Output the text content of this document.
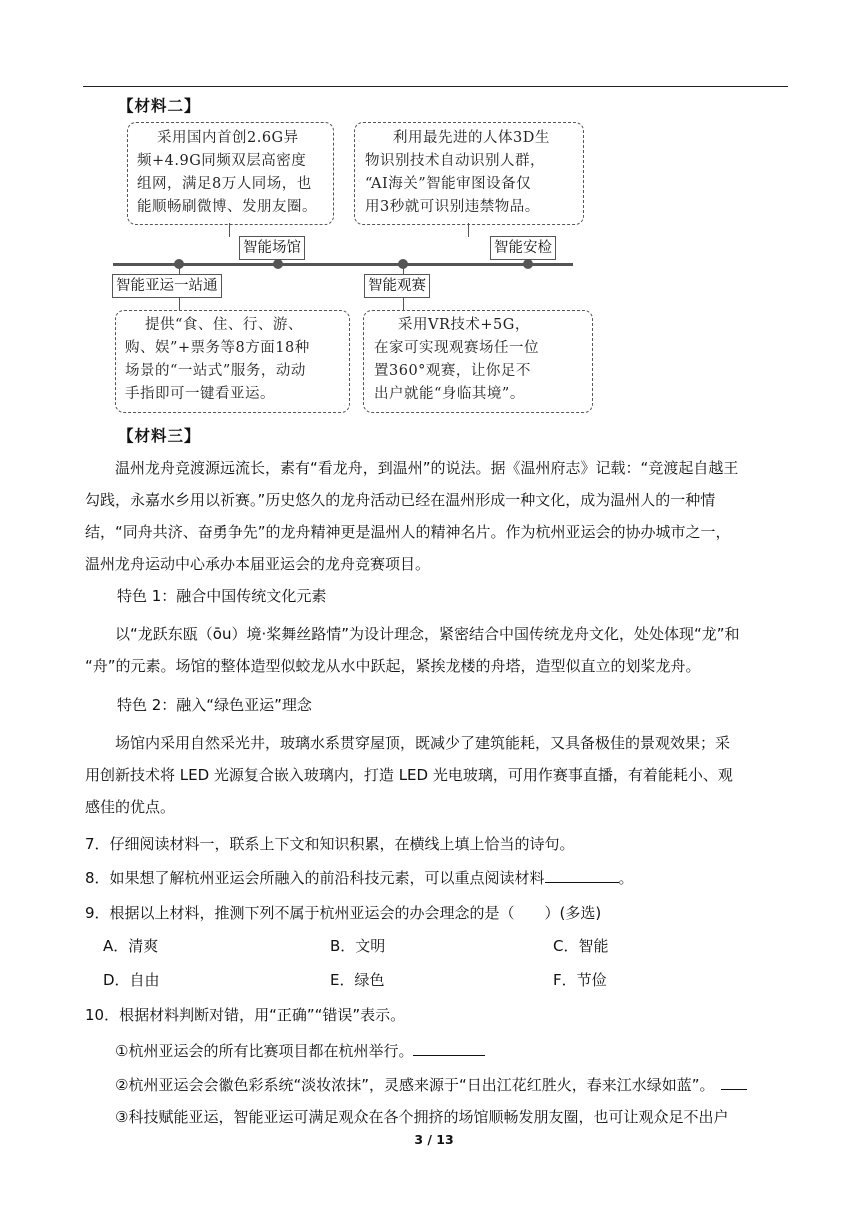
【材料二】
采用国内首创2.6G异
频+4.9G同频双层高密度
组网，满足8万人同场，也
能顺畅刷微博、发朋友圈。
利用最先进的人体3D生
物识别技术自动识别人群，
“AI海关”智能审图设备仅
用3秒就可识别违禁物品。
智能场馆	智能安检
智能亚运一站通	智能观赛
提供“食、住、行、游、
购、娱”+票务等8方面18种
场景的“一站式”服务，动动
手指即可一键看亚运。
采用VR技术+5G，
在家可实现观赛场任一位
置360°观赛，让你足不
出户就能“身临其境”。
【材料三】
温州龙舟竞渡源远流长，素有“看龙舟，到温州”的说法。据《温州府志》记载：“竞渡起自越王
勾践，永嘉水乡用以祈赛。”历史悠久的龙舟活动已经在温州形成一种文化，成为温州人的一种情
结，“同舟共济、奋勇争先”的龙舟精神更是温州人的精神名片。作为杭州亚运会的协办城市之一，
温州龙舟运动中心承办本届亚运会的龙舟竞赛项目。
特色 1：融合中国传统文化元素
以“龙跃东瓯（ōu）境·桨舞丝路情”为设计理念，紧密结合中国传统龙舟文化，处处体现“龙”和
“舟”的元素。场馆的整体造型似蛟龙从水中跃起，紧挨龙楼的舟塔，造型似直立的划桨龙舟。
特色 2：融入“绿色亚运”理念
场馆内采用自然采光井，玻璃水系贯穿屋顶，既减少了建筑能耗，又具备极佳的景观效果；采
用创新技术将 LED 光源复合嵌入玻璃内，打造 LED 光电玻璃，可用作赛事直播，有着能耗小、观
感佳的优点。
7．仔细阅读材料一，联系上下文和知识积累，在横线上填上恰当的诗句。
8．如果想了解杭州亚运会所融入的前沿科技元素，可以重点阅读材料	。
9．根据以上材料，推测下列不属于杭州亚运会的办会理念的是（　　）(多选)
A．清爽	B．文明	C．智能
D．自由	E．绿色	F．节俭
10．根据材料判断对错，用“正确”“错误”表示。
①杭州亚运会的所有比赛项目都在杭州举行。
②杭州亚运会会徽色彩系统“淡妆浓抹”，灵感来源于“日出江花红胜火，春来江水绿如蓝”。
③科技赋能亚运，智能亚运可满足观众在各个拥挤的场馆顺畅发朋友圈，也可让观众足不出户
3 / 13
